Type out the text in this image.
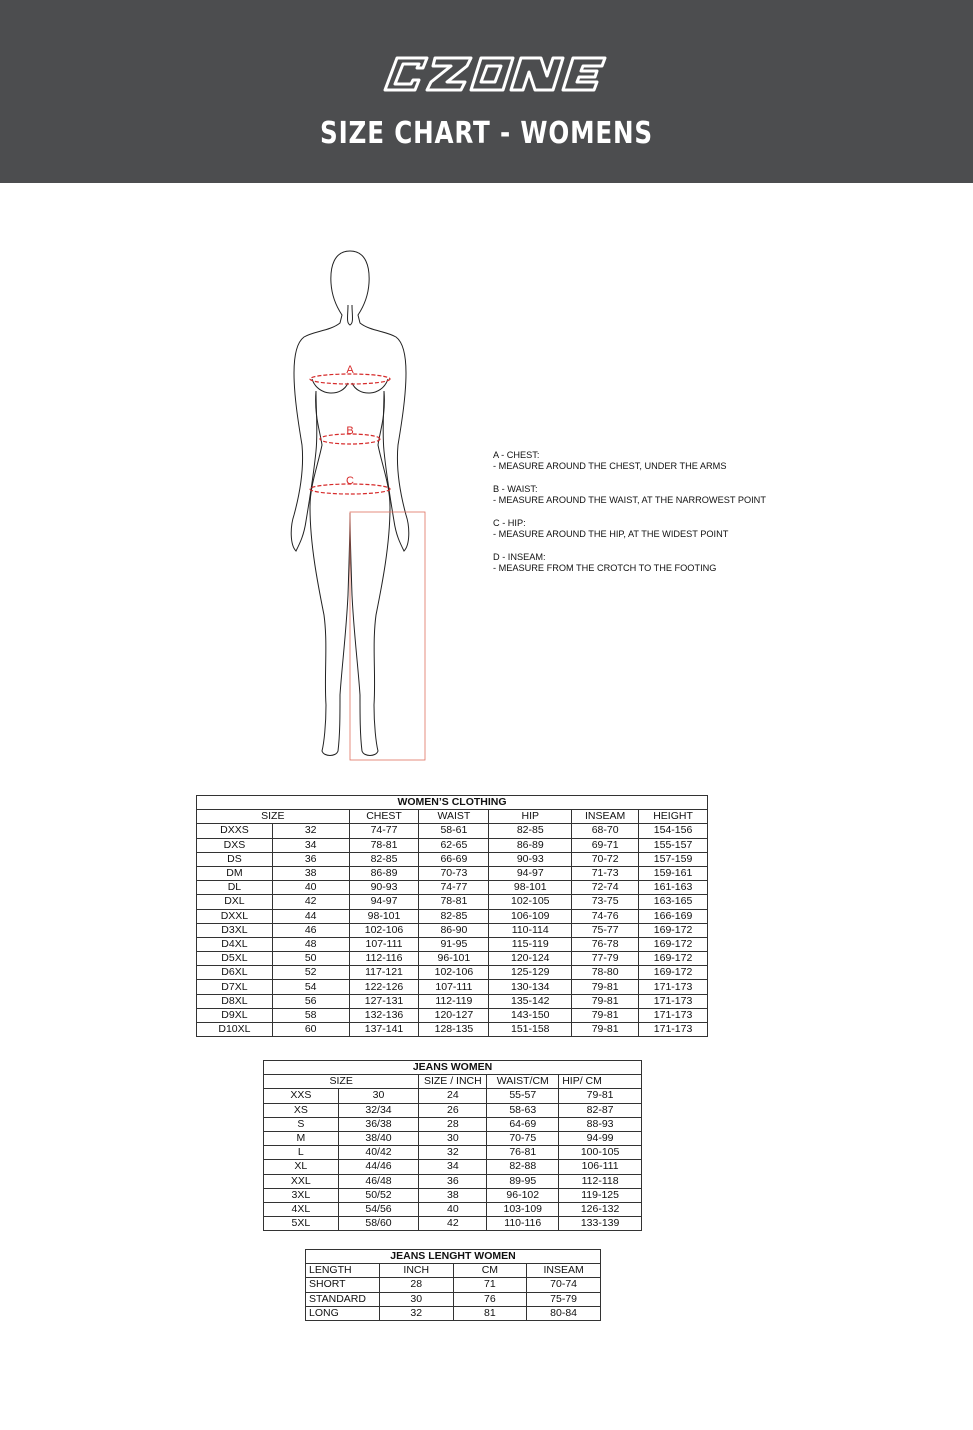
SIZE CHART - WOMENS
A
B
C
A - CHEST:
- MEASURE AROUND THE CHEST, UNDER THE ARMS
B - WAIST:
- MEASURE AROUND THE WAIST, AT THE NARROWEST POINT
C - HIP:
- MEASURE AROUND THE HIP, AT THE WIDEST POINT
D - INSEAM:
- MEASURE FROM THE CROTCH TO THE FOOTING
WOMEN’S CLOTHING						
SIZE		CHEST	WAIST	HIP	INSEAM	HEIGHT
DXXS	32	74-77	58-61	82-85	68-70	154-156
DXS	34	78-81	62-65	86-89	69-71	155-157
DS	36	82-85	66-69	90-93	70-72	157-159
DM	38	86-89	70-73	94-97	71-73	159-161
DL	40	90-93	74-77	98-101	72-74	161-163
DXL	42	94-97	78-81	102-105	73-75	163-165
DXXL	44	98-101	82-85	106-109	74-76	166-169
D3XL	46	102-106	86-90	110-114	75-77	169-172
D4XL	48	107-111	91-95	115-119	76-78	169-172
D5XL	50	112-116	96-101	120-124	77-79	169-172
D6XL	52	117-121	102-106	125-129	78-80	169-172
D7XL	54	122-126	107-111	130-134	79-81	171-173
D8XL	56	127-131	112-119	135-142	79-81	171-173
D9XL	58	132-136	120-127	143-150	79-81	171-173
D10XL	60	137-141	128-135	151-158	79-81	171-173
JEANS WOMEN				
SIZE		SIZE / INCH	WAIST/CM	HIP/ CM
XXS	30	24	55-57	79-81
XS	32/34	26	58-63	82-87
S	36/38	28	64-69	88-93
M	38/40	30	70-75	94-99
L	40/42	32	76-81	100-105
XL	44/46	34	82-88	106-111
XXL	46/48	36	89-95	112-118
3XL	50/52	38	96-102	119-125
4XL	54/56	40	103-109	126-132
5XL	58/60	42	110-116	133-139
JEANS LENGHT WOMEN			
LENGTH	INCH	CM	INSEAM
SHORT	28	71	70-74
STANDARD	30	76	75-79
LONG	32	81	80-84
